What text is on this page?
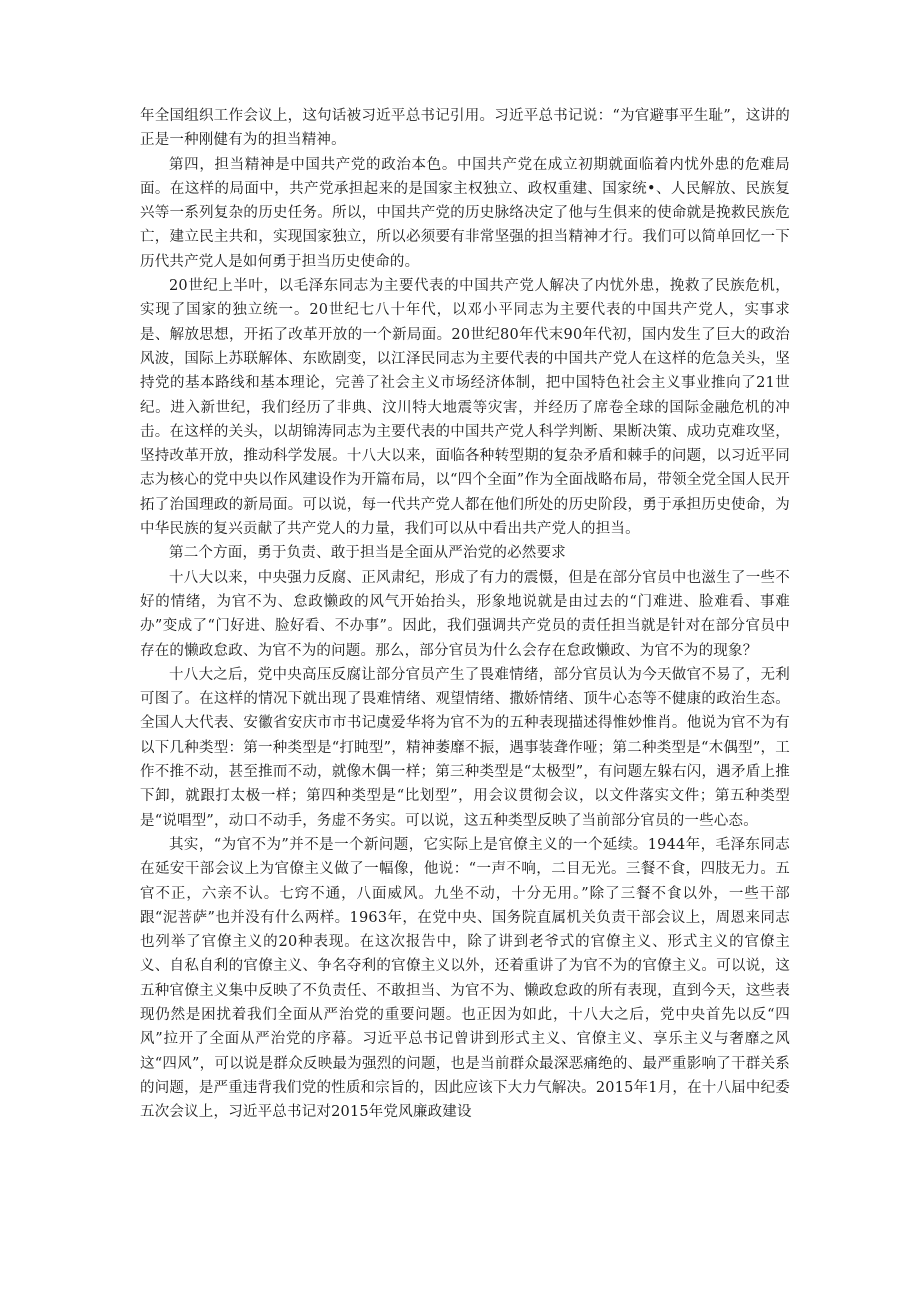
年全国组织工作会议上，这句话被习近平总书记引用。习近平总书记说：“为官避事平生耻”，这讲的正是一种刚健有为的担当精神。

第四，担当精神是中国共产党的政治本色。中国共产党在成立初期就面临着内忧外患的危难局面。在这样的局面中，共产党承担起来的是国家主权独立、政权重建、国家统•、人民解放、民族复兴等一系列复杂的历史任务。所以，中国共产党的历史脉络决定了他与生俱来的使命就是挽救民族危亡，建立民主共和，实现国家独立，所以必须要有非常坚强的担当精神才行。我们可以简单回忆一下历代共产党人是如何勇于担当历史使命的。

20世纪上半叶，以毛泽东同志为主要代表的中国共产党人解决了内忧外患，挽救了民族危机，实现了国家的独立统一。20世纪七八十年代，以邓小平同志为主要代表的中国共产党人，实事求是、解放思想，开拓了改革开放的一个新局面。20世纪80年代末90年代初，国内发生了巨大的政治风波，国际上苏联解体、东欧剧变，以江泽民同志为主要代表的中国共产党人在这样的危急关头，坚持党的基本路线和基本理论，完善了社会主义市场经济体制，把中国特色社会主义事业推向了21世纪。进入新世纪，我们经历了非典、汶川特大地震等灾害，并经历了席卷全球的国际金融危机的冲击。在这样的关头，以胡锦涛同志为主要代表的中国共产党人科学判断、果断决策、成功克难攻坚，坚持改革开放，推动科学发展。十八大以来，面临各种转型期的复杂矛盾和棘手的问题，以习近平同志为核心的党中央以作风建设作为开篇布局，以“四个全面”作为全面战略布局，带领全党全国人民开拓了治国理政的新局面。可以说，每一代共产党人都在他们所处的历史阶段，勇于承担历史使命，为中华民族的复兴贡献了共产党人的力量，我们可以从中看出共产党人的担当。

第二个方面，勇于负责、敢于担当是全面从严治党的必然要求

十八大以来，中央强力反腐、正风肃纪，形成了有力的震慑，但是在部分官员中也滋生了一些不好的情绪，为官不为、怠政懒政的风气开始抬头，形象地说就是由过去的“门难进、脸难看、事难办”变成了“门好进、脸好看、不办事”。因此，我们强调共产党员的责任担当就是针对在部分官员中存在的懒政怠政、为官不为的问题。那么，部分官员为什么会存在怠政懒政、为官不为的现象？

十八大之后，党中央高压反腐让部分官员产生了畏难情绪，部分官员认为今天做官不易了，无利可图了。在这样的情况下就出现了畏难情绪、观望情绪、撒娇情绪、顶牛心态等不健康的政治生态。全国人大代表、安徽省安庆市市书记虞爱华将为官不为的五种表现描述得惟妙惟肖。他说为官不为有以下几种类型：第一种类型是“打盹型”，精神萎靡不振，遇事装聋作哑；第二种类型是“木偶型”，工作不推不动，甚至推而不动，就像木偶一样；第三种类型是“太极型”，有问题左躲右闪，遇矛盾上推下卸，就跟打太极一样；第四种类型是“比划型”，用会议贯彻会议，以文件落实文件；第五种类型是“说唱型”，动口不动手，务虚不务实。可以说，这五种类型反映了当前部分官员的一些心态。

其实，“为官不为”并不是一个新问题，它实际上是官僚主义的一个延续。1944年，毛泽东同志在延安干部会议上为官僚主义做了一幅像，他说：“一声不响，二目无光。三餐不食，四肢无力。五官不正，六亲不认。七窍不通，八面威风。九坐不动，十分无用。”除了三餐不食以外，一些干部跟“泥菩萨”也并没有什么两样。1963年，在党中央、国务院直属机关负责干部会议上，周恩来同志也列举了官僚主义的20种表现。在这次报告中，除了讲到老爷式的官僚主义、形式主义的官僚主义、自私自利的官僚主义、争名夺利的官僚主义以外，还着重讲了为官不为的官僚主义。可以说，这五种官僚主义集中反映了不负责任、不敢担当、为官不为、懒政怠政的所有表现，直到今天，这些表现仍然是困扰着我们全面从严治党的重要问题。也正因为如此，十八大之后，党中央首先以反“四风”拉开了全面从严治党的序幕。习近平总书记曾讲到形式主义、官僚主义、享乐主义与奢靡之风这“四风”，可以说是群众反映最为强烈的问题，也是当前群众最深恶痛绝的、最严重影响了干群关系的问题，是严重违背我们党的性质和宗旨的，因此应该下大力气解决。2015年1月，在十八届中纪委五次会议上，习近平总书记对2015年党风廉政建设
